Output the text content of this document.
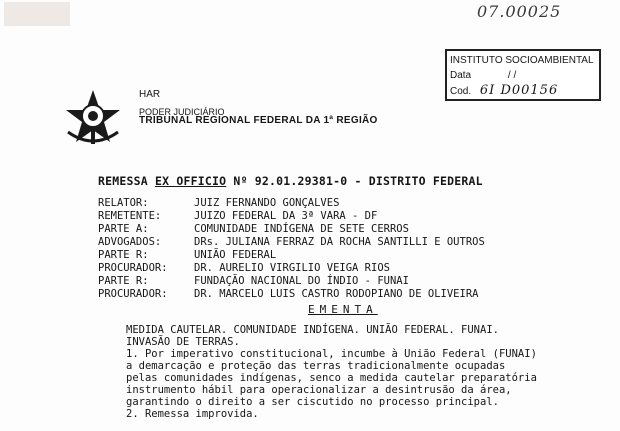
07.00025
INSTITUTO SOCIOAMBIENTAL
Data	/ /
Cod. 6I D00156
HAR
PODER JUDICIÁRIO
TRIBUNAL REGIONAL FEDERAL DA 1ª REGIÃO
REMESSA EX OFFICIO Nº 92.01.29381-0 - DISTRITO FEDERAL
RELATOR:	JUIZ FERNANDO GONÇALVES
REMETENTE:	JUIZO FEDERAL DA 3ª VARA - DF
PARTE A:	COMUNIDADE INDÍGENA DE SETE CERROS
ADVOGADOS:	DRs. JULIANA FERRAZ DA ROCHA SANTILLI E OUTROS
PARTE R:	UNIÃO FEDERAL
PROCURADOR:	DR. AURELIO VIRGILIO VEIGA RIOS
PARTE R:	FUNDAÇÃO NACIONAL DO ÍNDIO - FUNAI
PROCURADOR:	DR. MARCELO LUIS CASTRO RODOPIANO DE OLIVEIRA
EMENTA
MEDIDA CAUTELAR. COMUNIDADE INDÍGENA. UNIÃO FEDERAL. FUNAI.
INVASÃO DE TERRAS.
1. Por imperativo constitucional, incumbe à União Federal (FUNAI)
a demarcação e proteção das terras tradicionalmente ocupadas
pelas comunidades indígenas, senco a medida cautelar preparatória
instrumento hábil para operacionalizar a desintrusão da área,
garantindo o direito a ser ciscutido no processo principal.
2. Remessa improvida.
